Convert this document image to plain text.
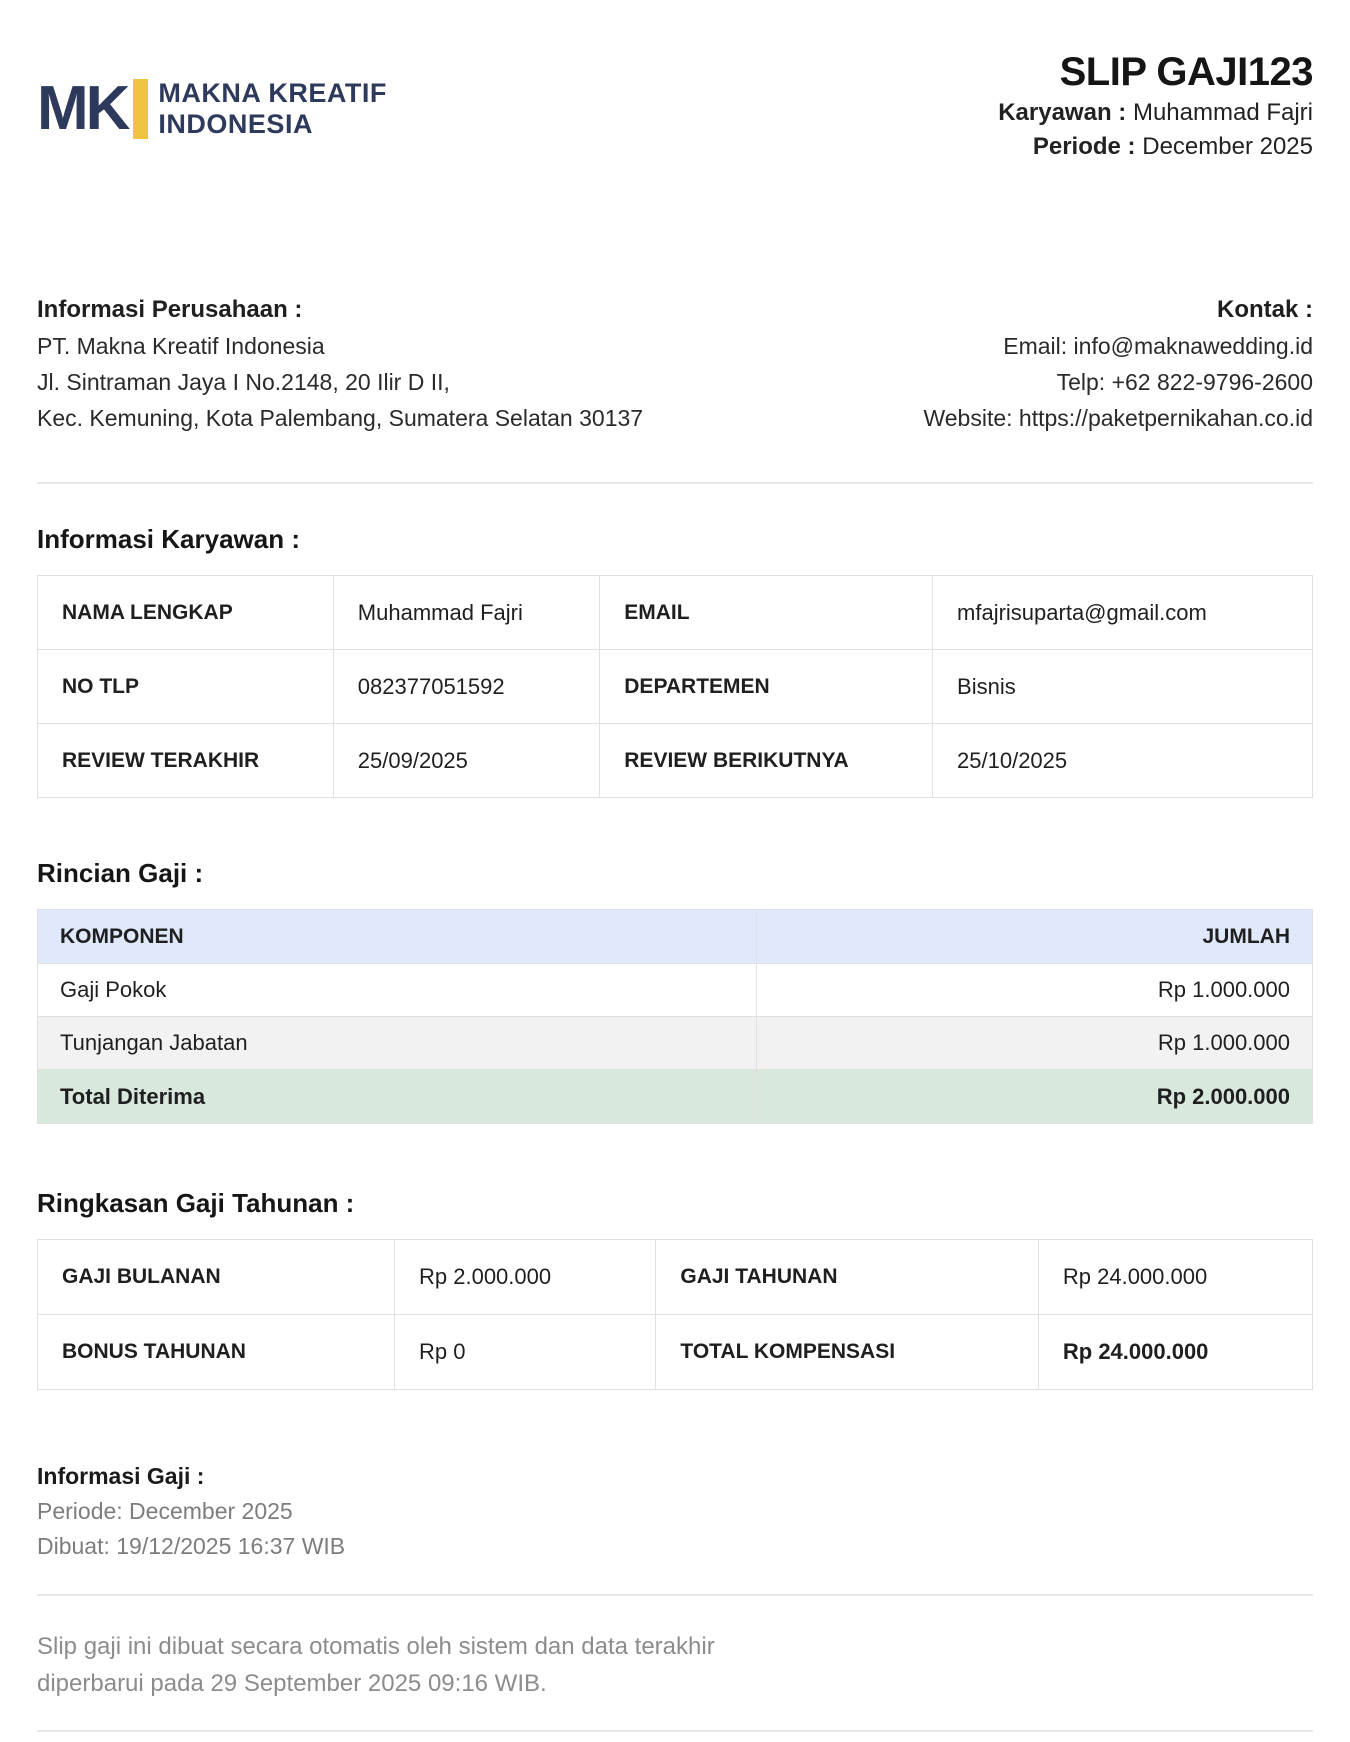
MK MAKNA KREATIF
INDONESIA
SLIP GAJI123
Karyawan : Muhammad Fajri
Periode : December 2025
Informasi Perusahaan :
PT. Makna Kreatif Indonesia
Jl. Sintraman Jaya I No.2148, 20 Ilir D II,
Kec. Kemuning, Kota Palembang, Sumatera Selatan 30137
Kontak :
Email: info@maknawedding.id
Telp: +62 822-9796-2600
Website: https://paketpernikahan.co.id
Informasi Karyawan :
NAMA LENGKAP	Muhammad Fajri	EMAIL	mfajrisuparta@gmail.com
NO TLP	082377051592	DEPARTEMEN	Bisnis
REVIEW TERAKHIR	25/09/2025	REVIEW BERIKUTNYA	25/10/2025
Rincian Gaji :
KOMPONEN	JUMLAH
Gaji Pokok	Rp 1.000.000
Tunjangan Jabatan	Rp 1.000.000
Total Diterima	Rp 2.000.000
Ringkasan Gaji Tahunan :
GAJI BULANAN	Rp 2.000.000	GAJI TAHUNAN	Rp 24.000.000
BONUS TAHUNAN	Rp 0	TOTAL KOMPENSASI	Rp 24.000.000
Informasi Gaji :
Periode: December 2025
Dibuat: 19/12/2025 16:37 WIB
Slip gaji ini dibuat secara otomatis oleh sistem dan data terakhir
diperbarui pada 29 September 2025 09:16 WIB.
